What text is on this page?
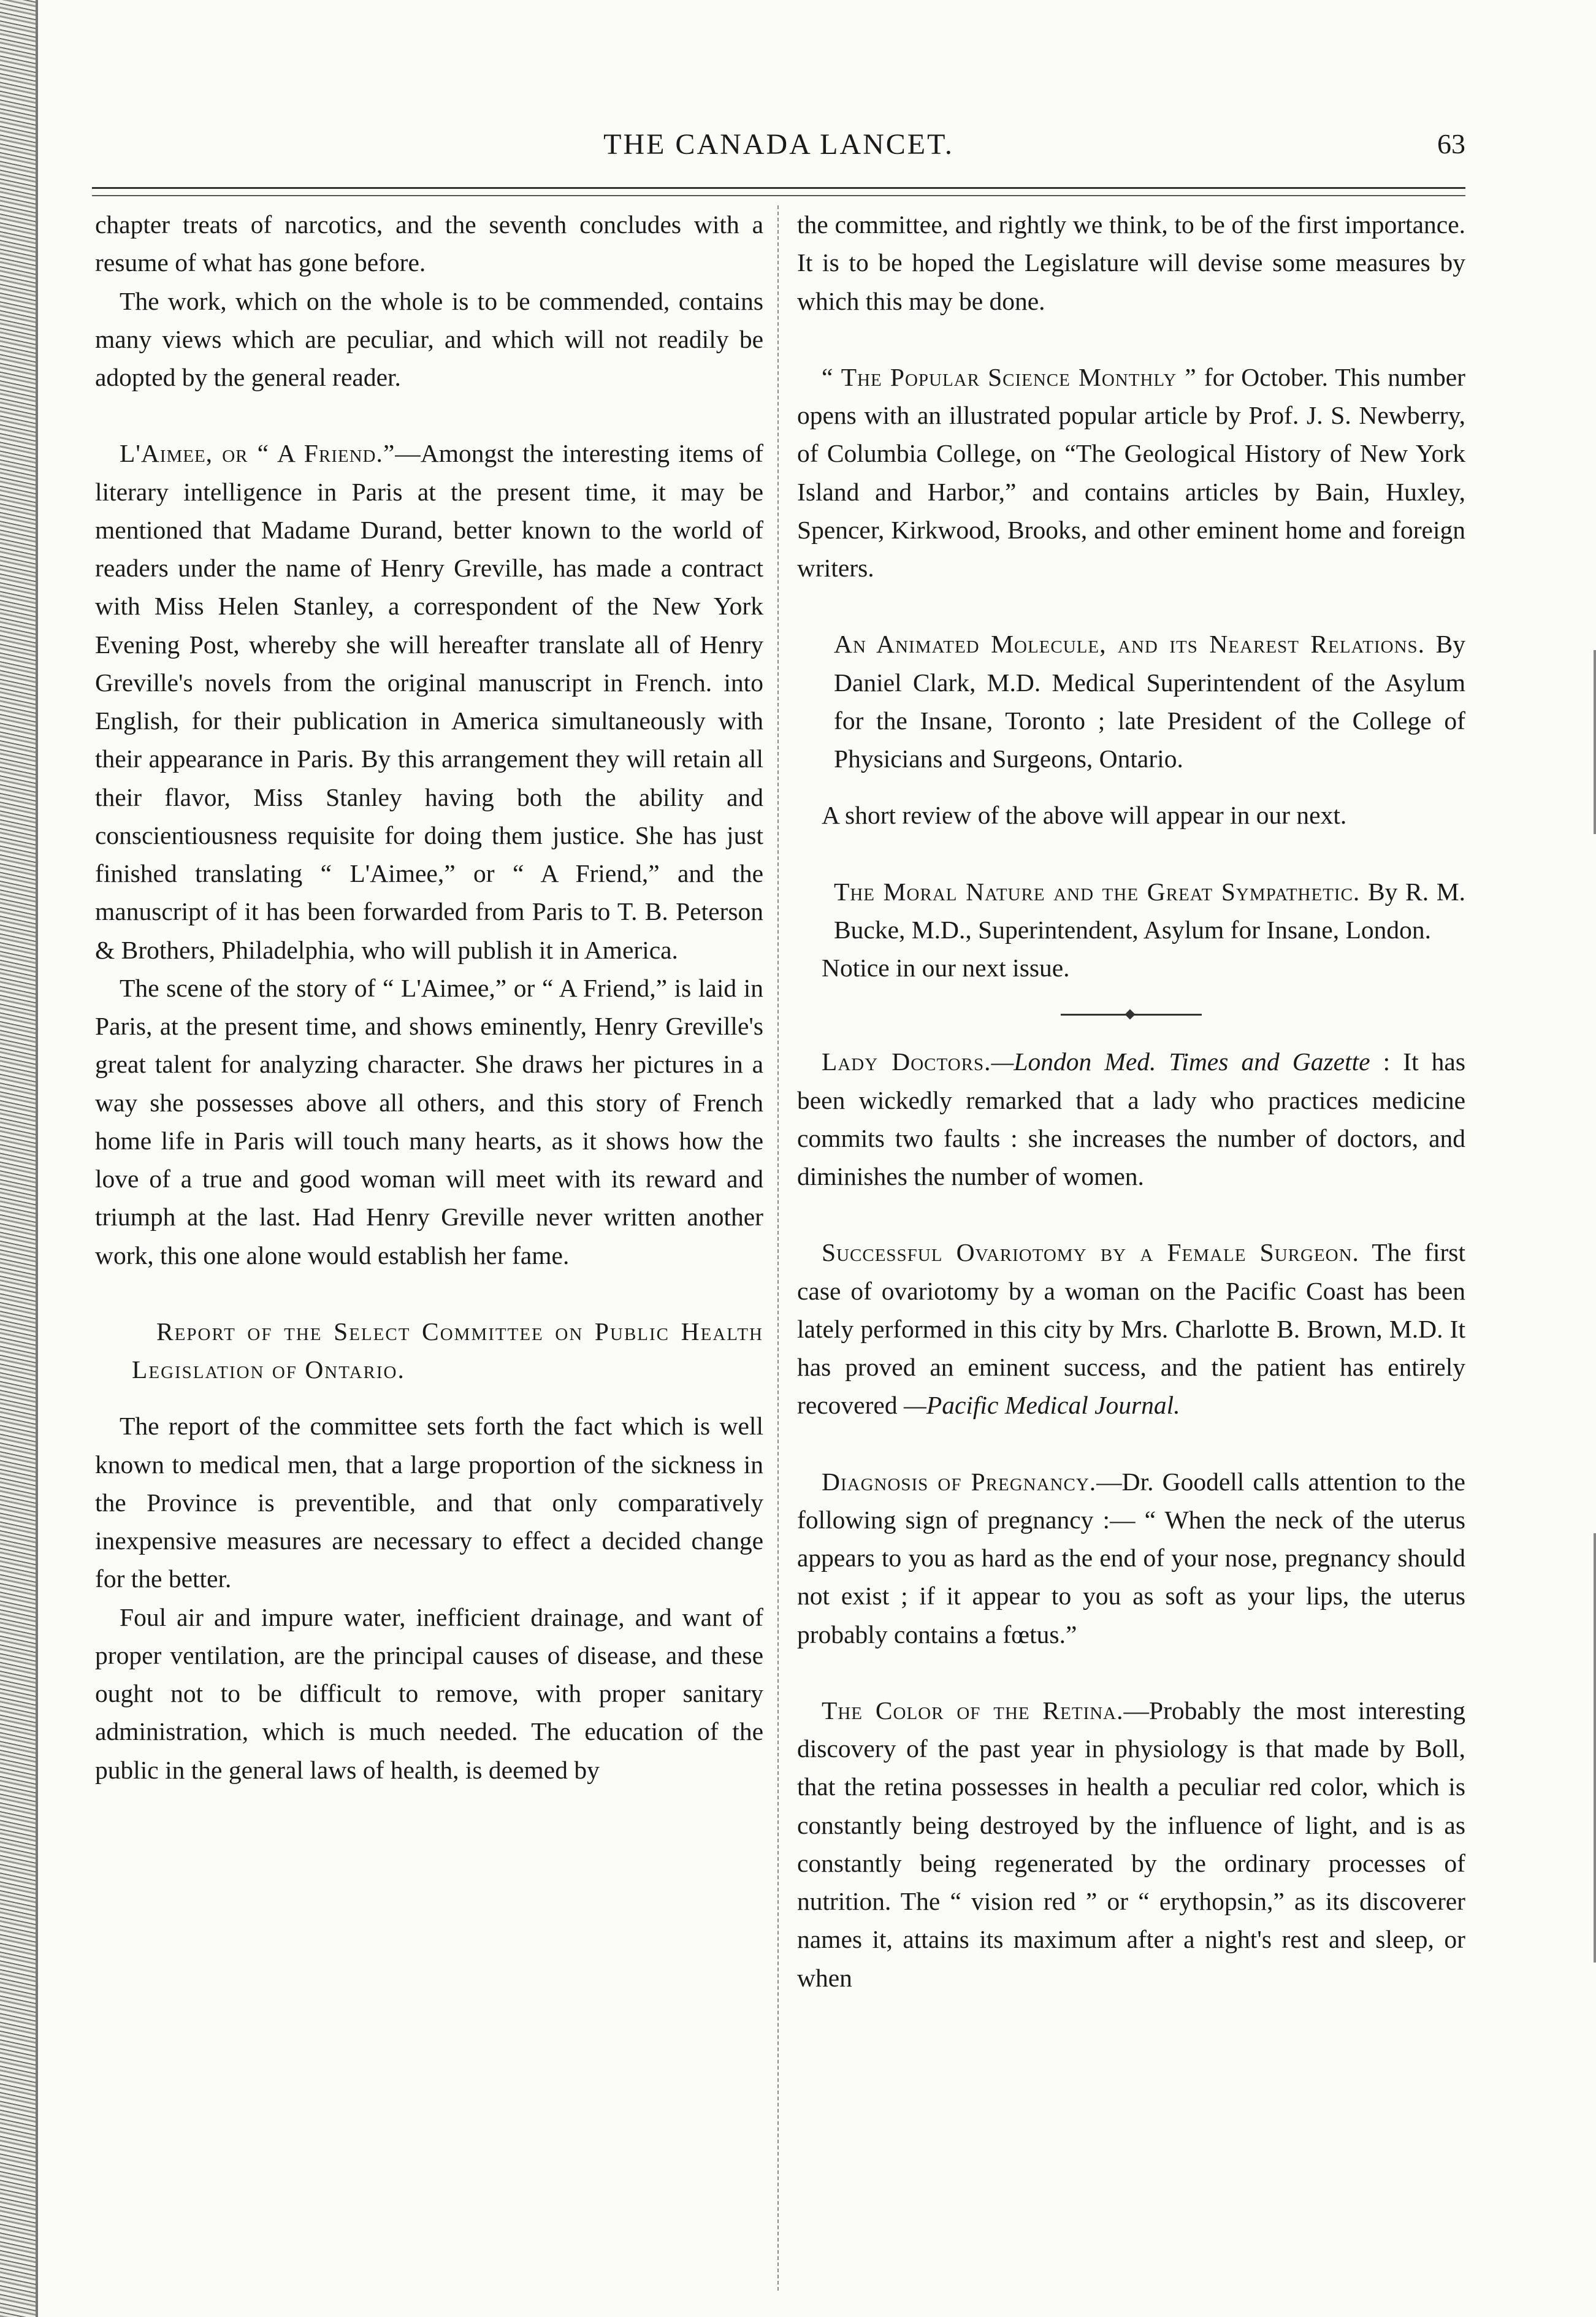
THE CANADA LANCET.	63

chapter treats of narcotics, and the seventh concludes with a resume of what has gone before.

The work, which on the whole is to be commended, contains many views which are peculiar, and which will not readily be adopted by the general reader.

L'Aimee, or “ A Friend.”—Amongst the interesting items of literary intelligence in Paris at the present time, it may be mentioned that Madame Durand, better known to the world of readers under the name of Henry Greville, has made a contract with Miss Helen Stanley, a correspondent of the New York Evening Post, whereby she will hereafter translate all of Henry Greville's novels from the original manuscript in French. into English, for their publication in America simultaneously with their appearance in Paris. By this arrangement they will retain all their flavor, Miss Stanley having both the ability and conscientiousness requisite for doing them justice. She has just finished translating “ L'Aimee,” or “ A Friend,” and the manuscript of it has been forwarded from Paris to T. B. Peterson & Brothers, Philadelphia, who will publish it in America.

The scene of the story of “ L'Aimee,” or “ A Friend,” is laid in Paris, at the present time, and shows eminently, Henry Greville's great talent for analyzing character. She draws her pictures in a way she possesses above all others, and this story of French home life in Paris will touch many hearts, as it shows how the love of a true and good woman will meet with its reward and triumph at the last. Had Henry Greville never written another work, this one alone would establish her fame.

Report of the Select Committee on Public Health Legislation of Ontario.

The report of the committee sets forth the fact which is well known to medical men, that a large proportion of the sickness in the Province is preventible, and that only comparatively inexpensive measures are necessary to effect a decided change for the better.

Foul air and impure water, inefficient drainage, and want of proper ventilation, are the principal causes of disease, and these ought not to be difficult to remove, with proper sanitary administration, which is much needed. The education of the public in the general laws of health, is deemed by

the committee, and rightly we think, to be of the first importance. It is to be hoped the Legislature will devise some measures by which this may be done.

“ The Popular Science Monthly ” for October. This number opens with an illustrated popular article by Prof. J. S. Newberry, of Columbia College, on “The Geological History of New York Island and Harbor,” and contains articles by Bain, Huxley, Spencer, Kirkwood, Brooks, and other eminent home and foreign writers.

An Animated Molecule, and its Nearest Relations. By Daniel Clark, M.D. Medical Superintendent of the Asylum for the Insane, Toronto ; late President of the College of Physicians and Surgeons, Ontario.

A short review of the above will appear in our next.

The Moral Nature and the Great Sympathetic. By R. M. Bucke, M.D., Superintendent, Asylum for Insane, London.

Notice in our next issue.

Lady Doctors.—London Med. Times and Gazette : It has been wickedly remarked that a lady who practices medicine commits two faults : she increases the number of doctors, and diminishes the number of women.

Successful Ovariotomy by a Female Surgeon. The first case of ovariotomy by a woman on the Pacific Coast has been lately performed in this city by Mrs. Charlotte B. Brown, M.D. It has proved an eminent success, and the patient has entirely recovered —Pacific Medical Journal.

Diagnosis of Pregnancy.—Dr. Goodell calls attention to the following sign of pregnancy :— “ When the neck of the uterus appears to you as hard as the end of your nose, pregnancy should not exist ; if it appear to you as soft as your lips, the uterus probably contains a fœtus.”

The Color of the Retina.—Probably the most interesting discovery of the past year in physiology is that made by Boll, that the retina possesses in health a peculiar red color, which is constantly being destroyed by the influence of light, and is as constantly being regenerated by the ordinary processes of nutrition. The “ vision red ” or “ erythopsin,” as its discoverer names it, attains its maximum after a night's rest and sleep, or when
